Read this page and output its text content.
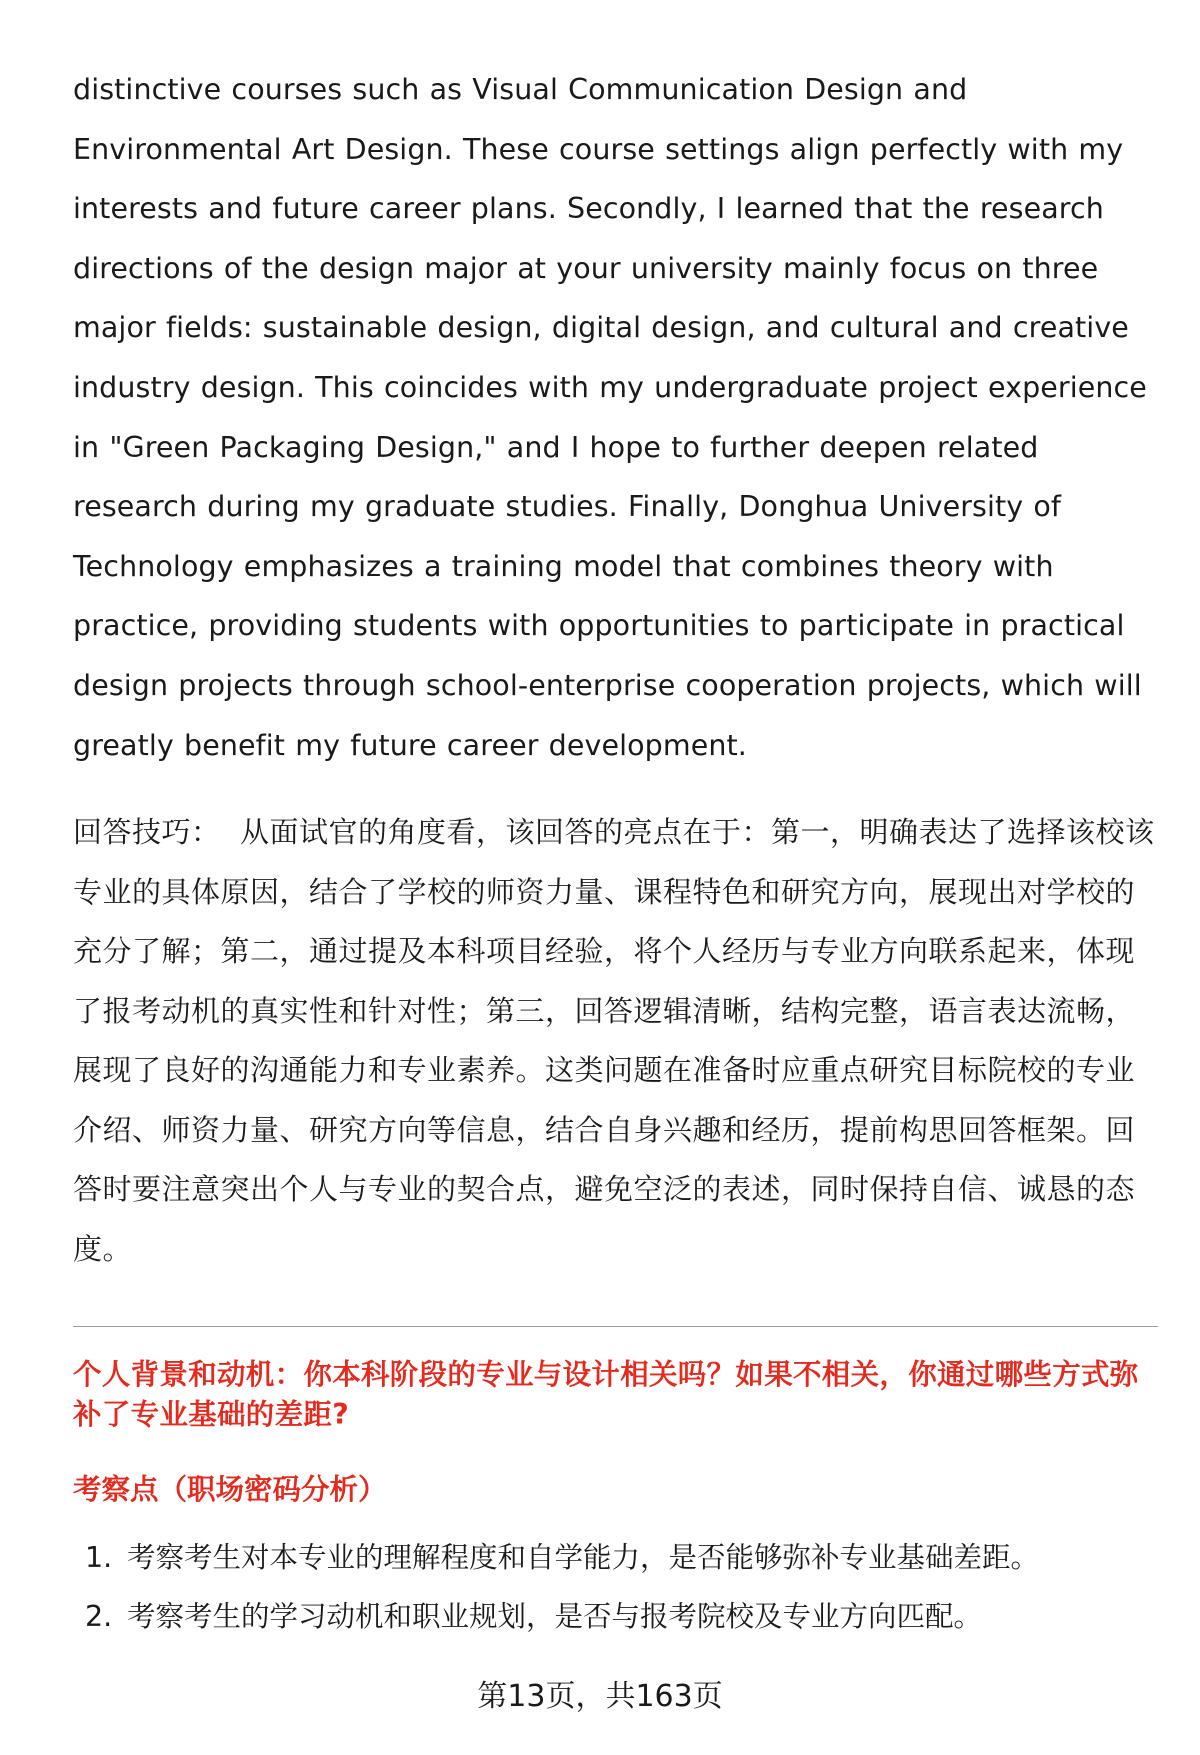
distinctive courses such as Visual Communication Design and Environmental Art Design. These course settings align perfectly with my interests and future career plans. Secondly, I learned that the research directions of the design major at your university mainly focus on three major fields: sustainable design, digital design, and cultural and creative industry design. This coincides with my undergraduate project experience in "Green Packaging Design," and I hope to further deepen related research during my graduate studies. Finally, Donghua University of Technology emphasizes a training model that combines theory with practice, providing students with opportunities to participate in practical design projects through school-enterprise cooperation projects, which will greatly benefit my future career development.

回答技巧： 从面试官的角度看，该回答的亮点在于：第一，明确表达了选择该校该专业的具体原因，结合了学校的师资力量、课程特色和研究方向，展现出对学校的充分了解；第二，通过提及本科项目经验，将个人经历与专业方向联系起来，体现了报考动机的真实性和针对性；第三，回答逻辑清晰，结构完整，语言表达流畅，展现了良好的沟通能力和专业素养。这类问题在准备时应重点研究目标院校的专业介绍、师资力量、研究方向等信息，结合自身兴趣和经历，提前构思回答框架。回答时要注意突出个人与专业的契合点，避免空泛的表述，同时保持自信、诚恳的态度。

个人背景和动机：你本科阶段的专业与设计相关吗？如果不相关，你通过哪些方式弥补了专业基础的差距?

考察点（职场密码分析）

1. 考察考生对本专业的理解程度和自学能力，是否能够弥补专业基础差距。
2. 考察考生的学习动机和职业规划，是否与报考院校及专业方向匹配。
第13页，共163页
